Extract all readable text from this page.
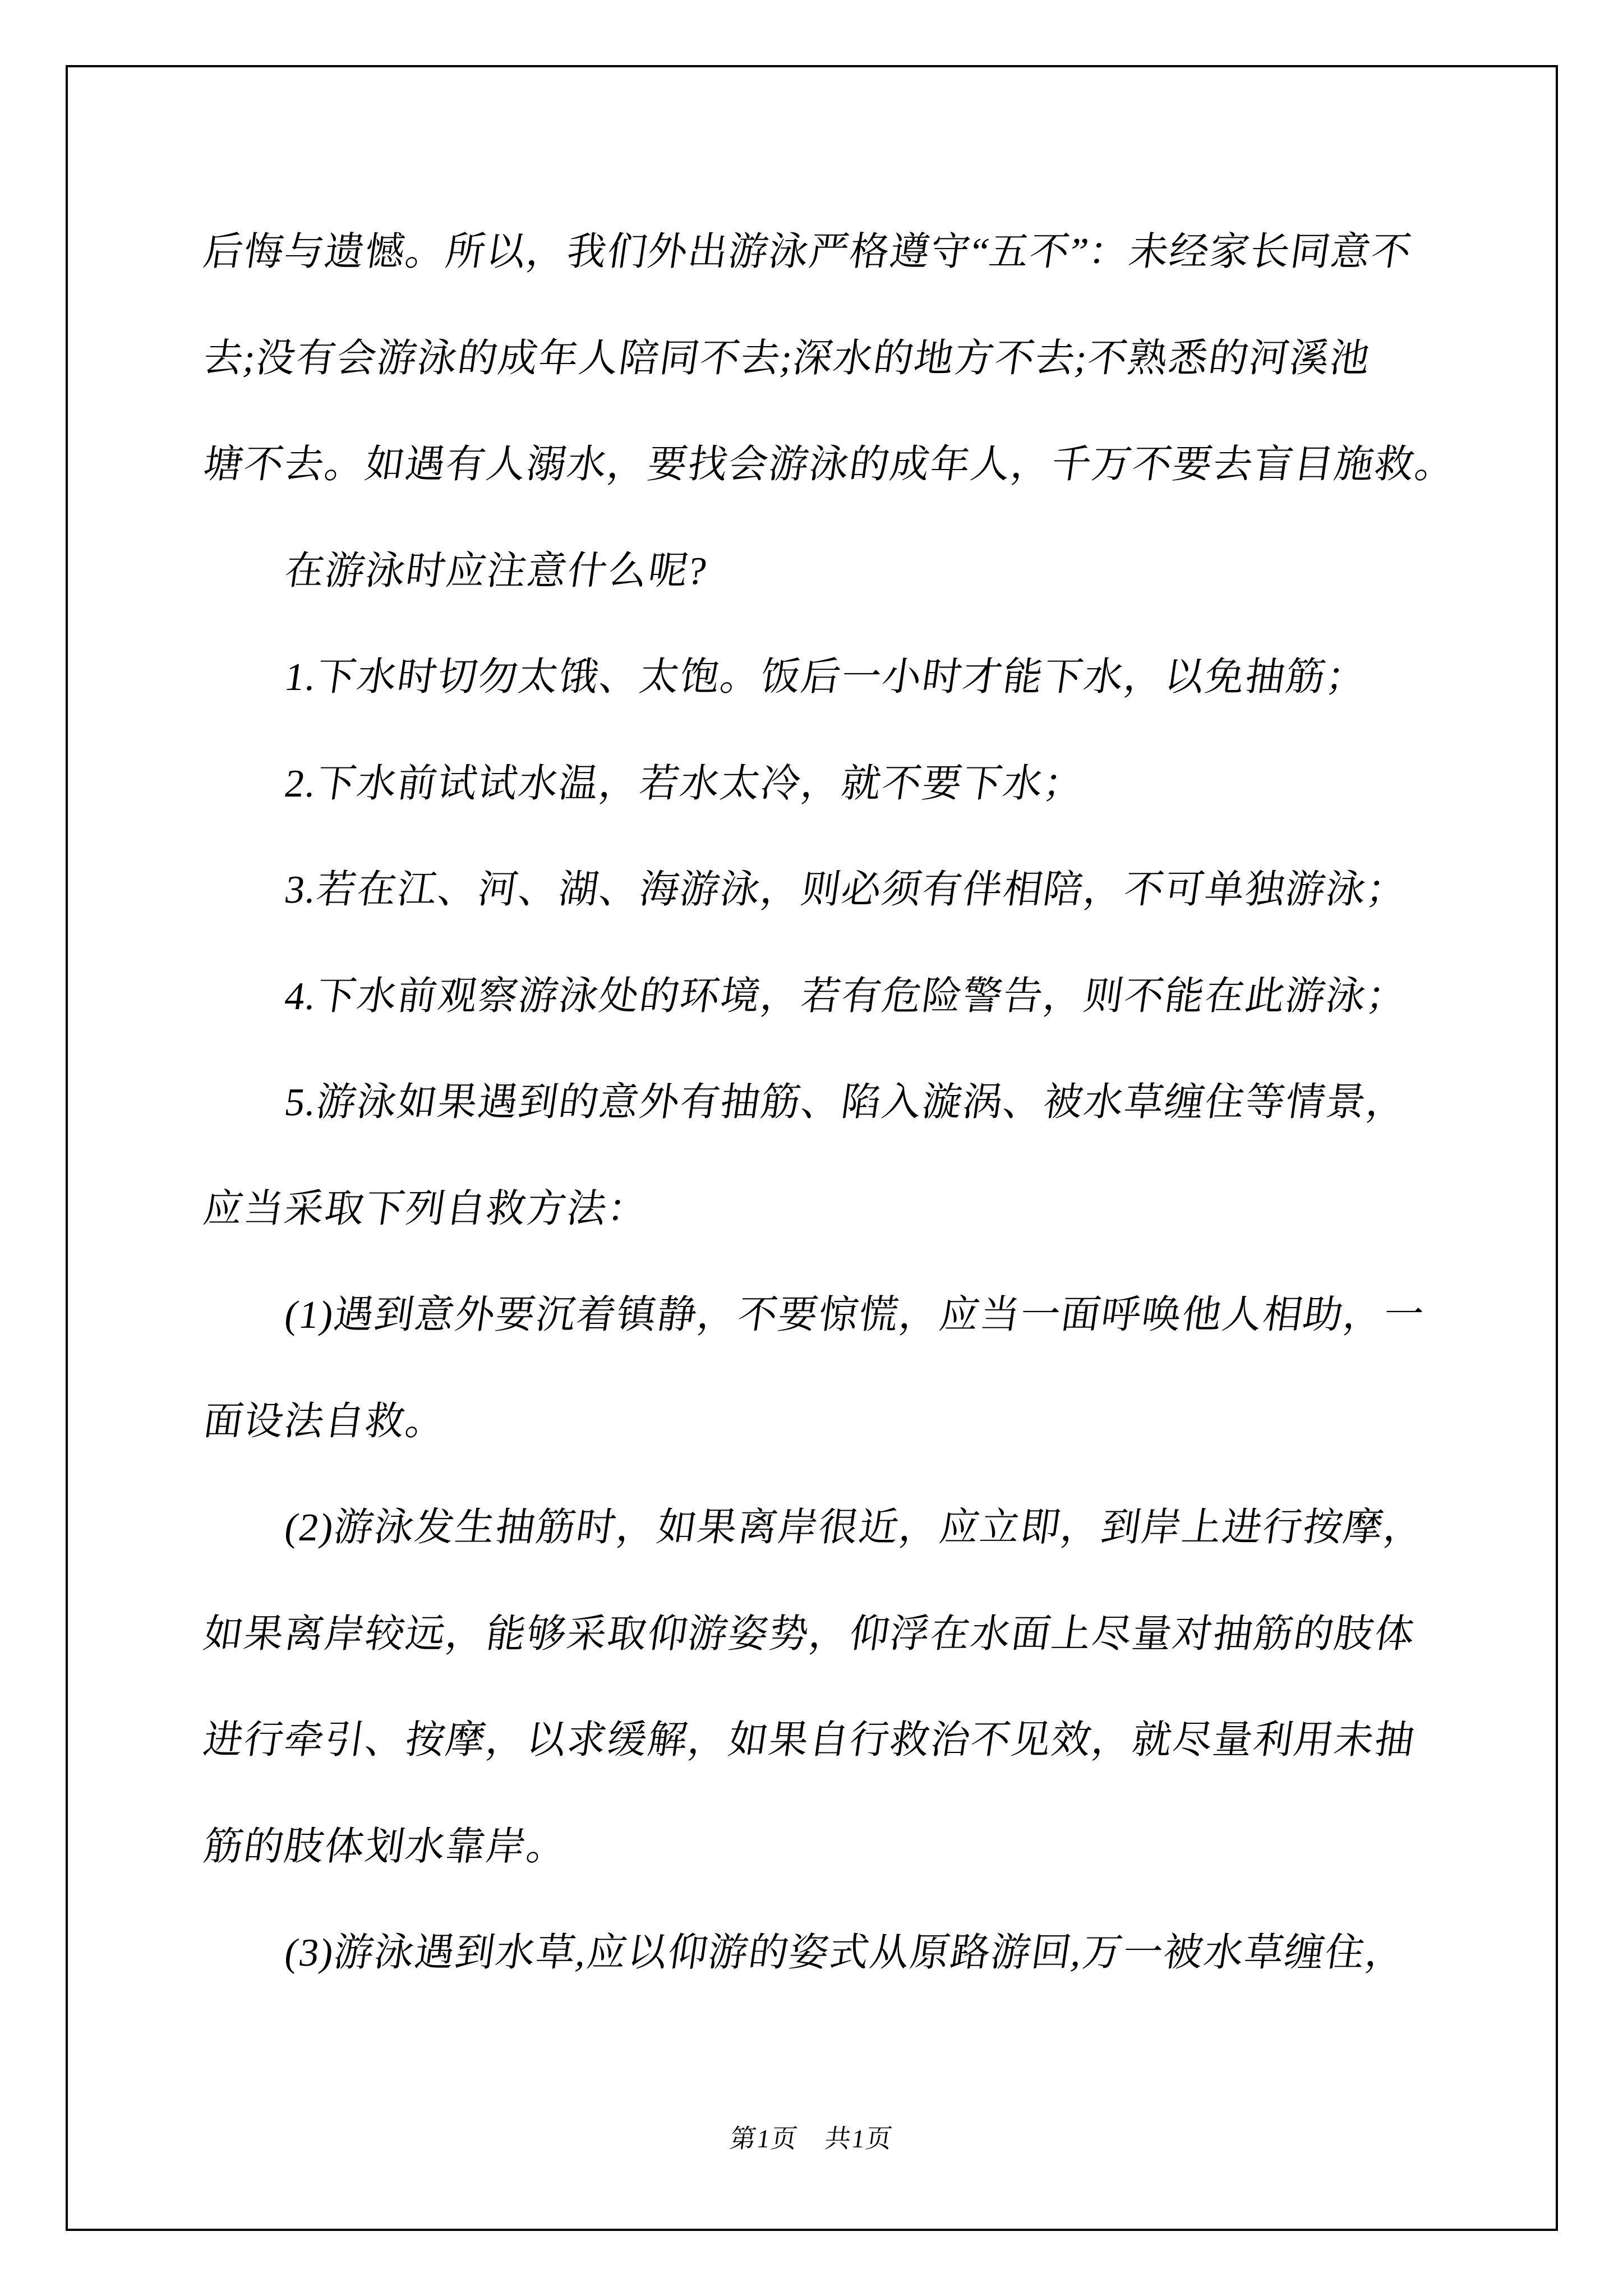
后悔与遗憾。所以，我们外出游泳严格遵守“五不”：未经家长同意不
去;没有会游泳的成年人陪同不去;深水的地方不去;不熟悉的河溪池
塘不去。如遇有人溺水，要找会游泳的成年人，千万不要去盲目施救。
在游泳时应注意什么呢?
1.下水时切勿太饿、太饱。饭后一小时才能下水，以免抽筋；
2.下水前试试水温，若水太冷，就不要下水；
3.若在江、河、湖、海游泳，则必须有伴相陪，不可单独游泳；
4.下水前观察游泳处的环境，若有危险警告，则不能在此游泳；
5.游泳如果遇到的意外有抽筋、陷入漩涡、被水草缠住等情景，
应当采取下列自救方法：
(1)遇到意外要沉着镇静，不要惊慌，应当一面呼唤他人相助，一
面设法自救。
(2)游泳发生抽筋时，如果离岸很近，应立即，到岸上进行按摩，
如果离岸较远，能够采取仰游姿势，仰浮在水面上尽量对抽筋的肢体
进行牵引、按摩，以求缓解，如果自行救治不见效，就尽量利用未抽
筋的肢体划水靠岸。
(3)游泳遇到水草,应以仰游的姿式从原路游回,万一被水草缠住，
第1页　共1页
